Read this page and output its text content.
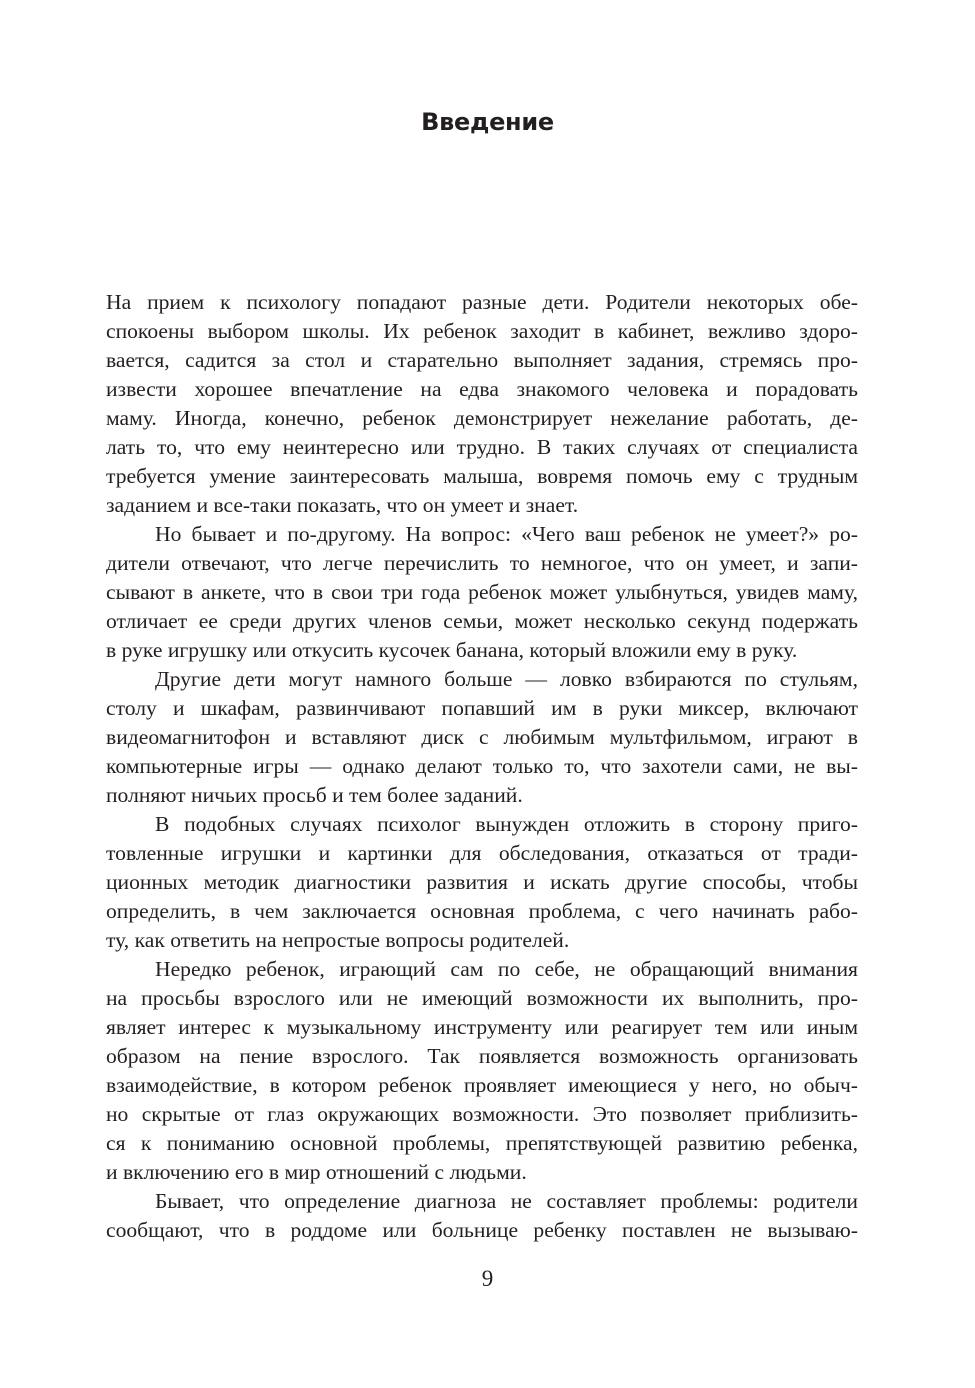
Введение
На прием к психологу попадают разные дети. Родители некоторых обе-
спокоены выбором школы. Их ребенок заходит в кабинет, вежливо здоро-
вается, садится за стол и старательно выполняет задания, стремясь про-
извести хорошее впечатление на едва знакомого человека и порадовать
маму. Иногда, конечно, ребенок демонстрирует нежелание работать, де-
лать то, что ему неинтересно или трудно. В таких случаях от специалиста
требуется умение заинтересовать малыша, вовремя помочь ему с трудным
заданием и все-таки показать, что он умеет и знает.
Но бывает и по-другому. На вопрос: «Чего ваш ребенок не умеет?» ро-
дители отвечают, что легче перечислить то немногое, что он умеет, и запи-
сывают в анкете, что в свои три года ребенок может улыбнуться, увидев маму,
отличает ее среди других членов семьи, может несколько секунд подержать
в руке игрушку или откусить кусочек банана, который вложили ему в руку.
Другие дети могут намного больше — ловко взбираются по стульям,
столу и шкафам, развинчивают попавший им в руки миксер, включают
видеомагнитофон и вставляют диск с любимым мультфильмом, играют в
компьютерные игры — однако делают только то, что захотели сами, не вы-
полняют ничьих просьб и тем более заданий.
В подобных случаях психолог вынужден отложить в сторону приго-
товленные игрушки и картинки для обследования, отказаться от тради-
ционных методик диагностики развития и искать другие способы, чтобы
определить, в чем заключается основная проблема, с чего начинать рабо-
ту, как ответить на непростые вопросы родителей.
Нередко ребенок, играющий сам по себе, не обращающий внимания
на просьбы взрослого или не имеющий возможности их выполнить, про-
являет интерес к музыкальному инструменту или реагирует тем или иным
образом на пение взрослого. Так появляется возможность организовать
взаимодействие, в котором ребенок проявляет имеющиеся у него, но обыч-
но скрытые от глаз окружающих возможности. Это позволяет приблизить-
ся к пониманию основной проблемы, препятствующей развитию ребенка,
и включению его в мир отношений с людьми.
Бывает, что определение диагноза не составляет проблемы: родители
сообщают, что в роддоме или больнице ребенку поставлен не вызываю-
9
